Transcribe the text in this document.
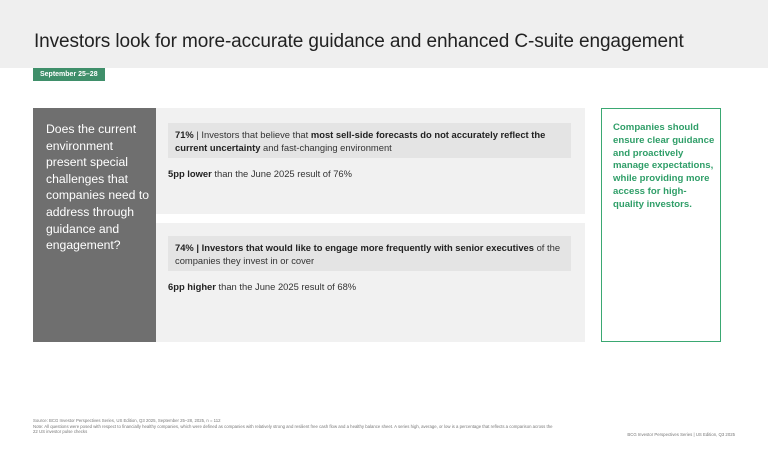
Investors look for more-accurate guidance and enhanced C-suite engagement
September 25–28
Does the current environment present special challenges that companies need to address through guidance and engagement?
71% | Investors that believe that most sell-side forecasts do not accurately reflect the current uncertainty and fast-changing environment
5pp lower than the June 2025 result of 76%
74% | Investors that would like to engage more frequently with senior executives of the companies they invest in or cover
6pp higher than the June 2025 result of 68%
Companies should ensure clear guidance and proactively manage expectations, while providing more access for high-quality investors.
Source: BCG Investor Perspectives Series, US Edition, Q3 2025, September 25–28, 2025, n = 112
Note: All questions were posed with respect to financially healthy companies, which were defined as companies with relatively strong and resilient free cash flow and a healthy balance sheet. A series high, average, or low is a percentage that reflects a comparison across the 22 US investor pulse checks
BCG Investor Perspectives Series | US Edition, Q3 2025
